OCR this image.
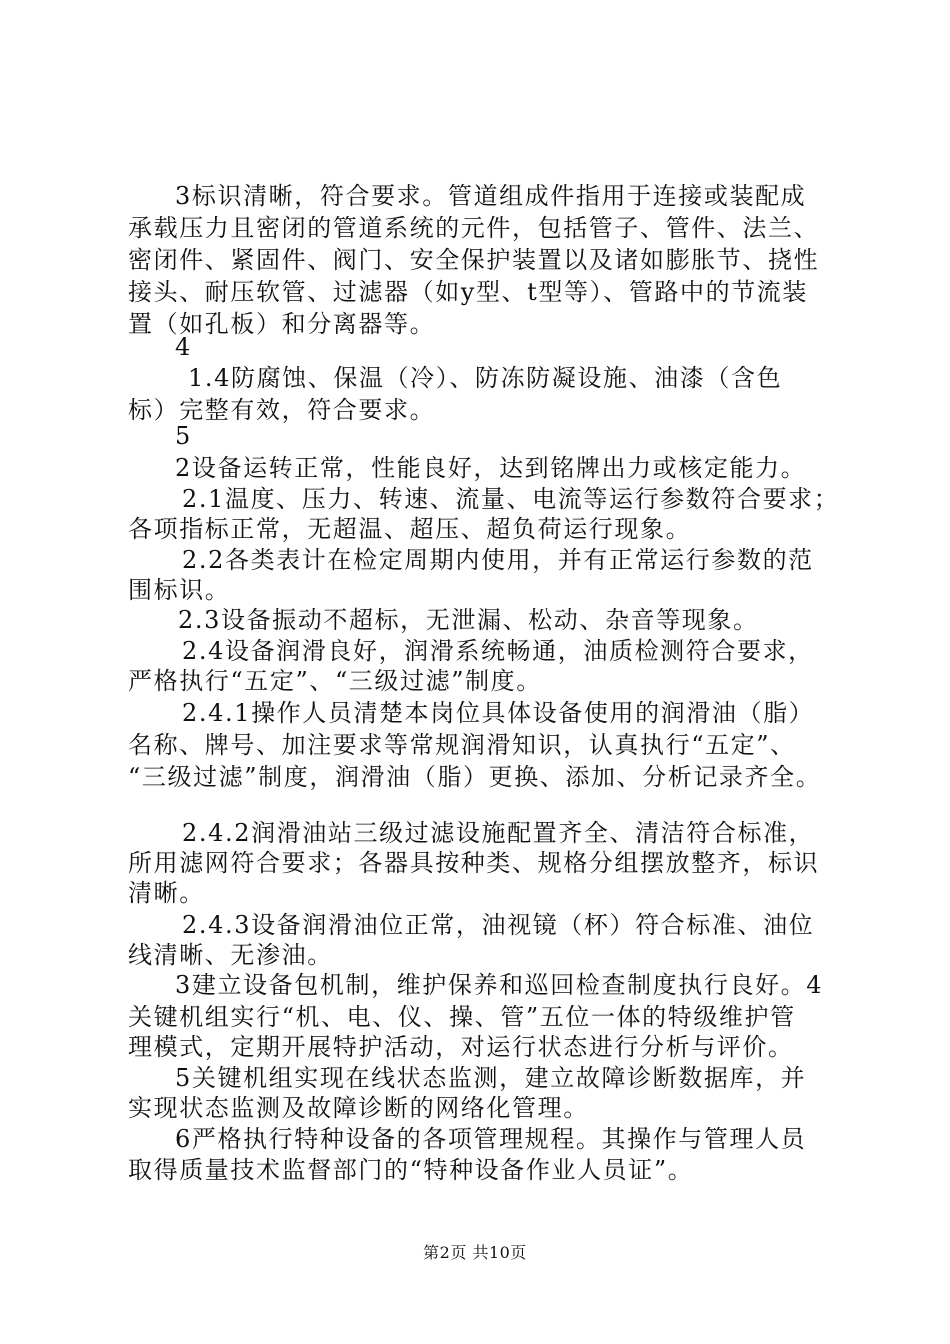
3标识清晰，符合要求。管道组成件指用于连接或装配成
承载压力且密闭的管道系统的元件，包括管子、管件、法兰、
密闭件、紧固件、阀门、安全保护装置以及诸如膨胀节、挠性
接头、耐压软管、过滤器（如y型、t型等）、管路中的节流装
置（如孔板）和分离器等。
4
1.4防腐蚀、保温（冷）、防冻防凝设施、油漆（含色
标）完整有效，符合要求。
5
2设备运转正常，性能良好，达到铭牌出力或核定能力。
2.1温度、压力、转速、流量、电流等运行参数符合要求；
各项指标正常，无超温、超压、超负荷运行现象。
2.2各类表计在检定周期内使用，并有正常运行参数的范
围标识。
2.3设备振动不超标，无泄漏、松动、杂音等现象。
2.4设备润滑良好，润滑系统畅通，油质检测符合要求，
严格执行“五定”、“三级过滤”制度。
2.4.1操作人员清楚本岗位具体设备使用的润滑油（脂）
名称、牌号、加注要求等常规润滑知识，认真执行“五定”、
“三级过滤”制度，润滑油（脂）更换、添加、分析记录齐全。
2.4.2润滑油站三级过滤设施配置齐全、清洁符合标准，
所用滤网符合要求；各器具按种类、规格分组摆放整齐，标识
清晰。
2.4.3设备润滑油位正常，油视镜（杯）符合标准、油位
线清晰、无渗油。
3建立设备包机制，维护保养和巡回检查制度执行良好。4
关键机组实行“机、电、仪、操、管”五位一体的特级维护管
理模式，定期开展特护活动，对运行状态进行分析与评价。
5关键机组实现在线状态监测，建立故障诊断数据库，并
实现状态监测及故障诊断的网络化管理。
6严格执行特种设备的各项管理规程。其操作与管理人员
取得质量技术监督部门的“特种设备作业人员证”。
第2页 共10页
